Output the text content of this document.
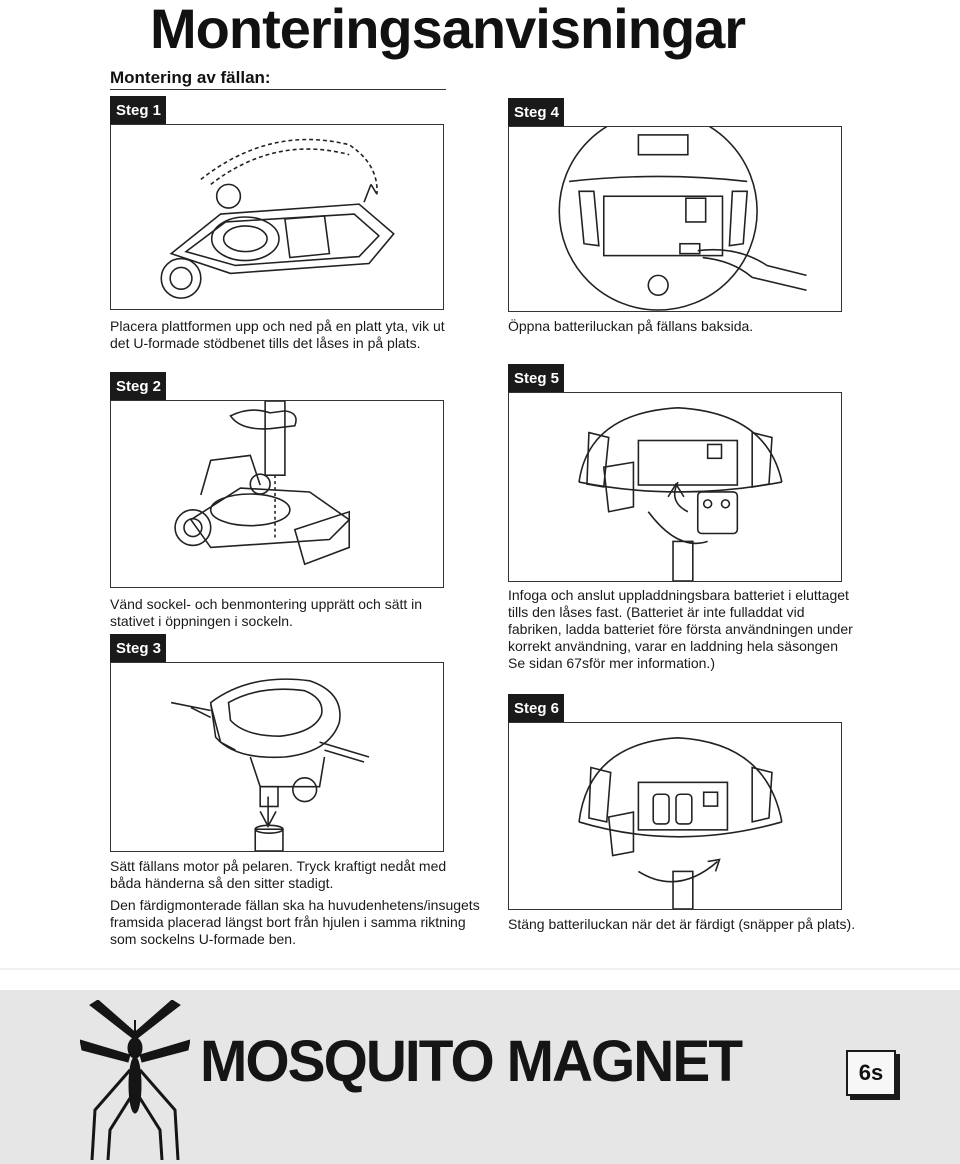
Monteringsanvisningar
Montering av fällan:
Steg 1
Placera plattformen upp och ned på en platt yta, vik ut det U-formade stödbenet tills det låses in på plats.
Steg 2
Vänd sockel- och benmontering upprätt och sätt in stativet i öppningen i sockeln.
Steg 3
Sätt fällans motor på pelaren. Tryck kraftigt nedåt med båda händerna så den sitter stadigt.
Den färdigmonterade fällan ska ha huvudenhetens/insugets framsida placerad längst bort från hjulen i samma riktning som sockelns U-formade ben.
Steg 4
Öppna batteriluckan på fällans baksida.
Steg 5
Infoga och anslut uppladdningsbara batteriet i eluttaget tills den låses fast. (Batteriet är inte fulladdat vid fabriken, ladda batteriet före första användningen under korrekt användning, varar en laddning hela säsongen Se sidan 67sför mer information.)
Steg 6
Stäng batteriluckan när det är färdigt (snäpper på plats).
MOSQUITO MAGNET	6s
